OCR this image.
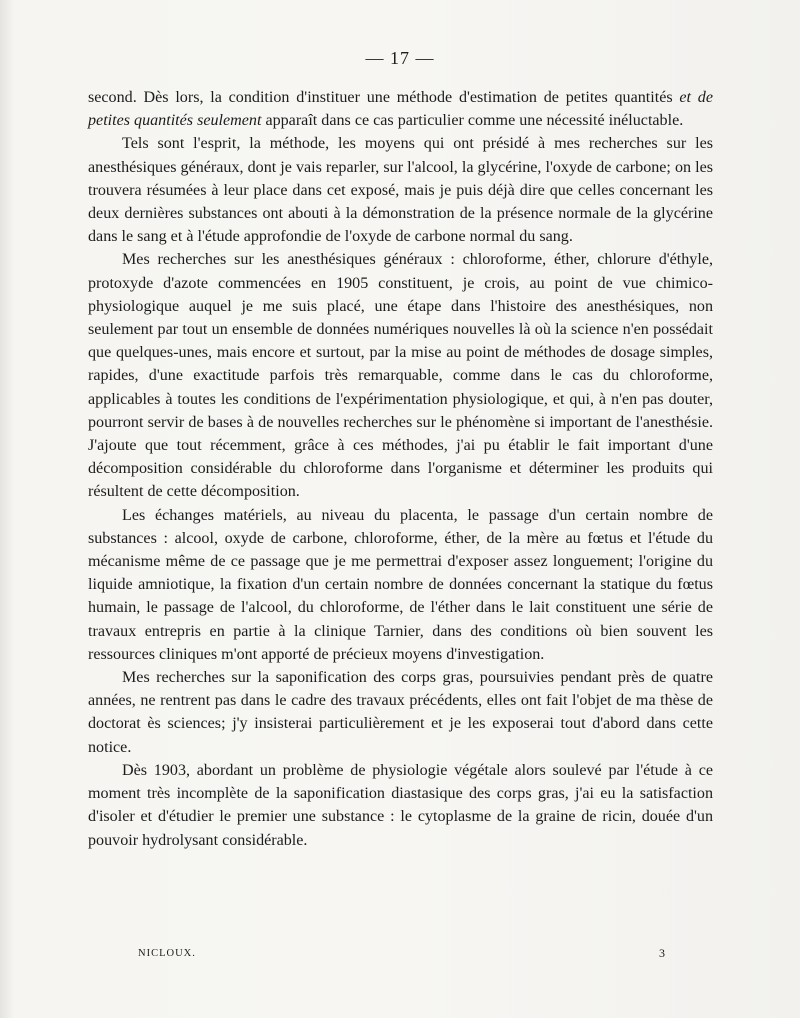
— 17 —

second. Dès lors, la condition d'instituer une méthode d'estimation de petites quantités et de petites quantités seulement apparaît dans ce cas particulier comme une nécessité inéluctable.

Tels sont l'esprit, la méthode, les moyens qui ont présidé à mes recherches sur les anesthésiques généraux, dont je vais reparler, sur l'alcool, la glycérine, l'oxyde de carbone; on les trouvera résumées à leur place dans cet exposé, mais je puis déjà dire que celles concernant les deux dernières substances ont abouti à la démonstration de la présence normale de la glycérine dans le sang et à l'étude approfondie de l'oxyde de carbone normal du sang.

Mes recherches sur les anesthésiques généraux : chloroforme, éther, chlorure d'éthyle, protoxyde d'azote commencées en 1905 constituent, je crois, au point de vue chimico-physiologique auquel je me suis placé, une étape dans l'histoire des anesthésiques, non seulement par tout un ensemble de données numériques nouvelles là où la science n'en possédait que quelques-unes, mais encore et surtout, par la mise au point de méthodes de dosage simples, rapides, d'une exactitude parfois très remarquable, comme dans le cas du chloroforme, applicables à toutes les conditions de l'expérimentation physiologique, et qui, à n'en pas douter, pourront servir de bases à de nouvelles recherches sur le phénomène si important de l'anesthésie. J'ajoute que tout récemment, grâce à ces méthodes, j'ai pu établir le fait important d'une décomposition considérable du chloroforme dans l'organisme et déterminer les produits qui résultent de cette décomposition.

Les échanges matériels, au niveau du placenta, le passage d'un certain nombre de substances : alcool, oxyde de carbone, chloroforme, éther, de la mère au fœtus et l'étude du mécanisme même de ce passage que je me permettrai d'exposer assez longuement; l'origine du liquide amniotique, la fixation d'un certain nombre de données concernant la statique du fœtus humain, le passage de l'alcool, du chloroforme, de l'éther dans le lait constituent une série de travaux entrepris en partie à la clinique Tarnier, dans des conditions où bien souvent les ressources cliniques m'ont apporté de précieux moyens d'investigation.

Mes recherches sur la saponification des corps gras, poursuivies pendant près de quatre années, ne rentrent pas dans le cadre des travaux précédents, elles ont fait l'objet de ma thèse de doctorat ès sciences; j'y insisterai particulièrement et je les exposerai tout d'abord dans cette notice.

Dès 1903, abordant un problème de physiologie végétale alors soulevé par l'étude à ce moment très incomplète de la saponification diastasique des corps gras, j'ai eu la satisfaction d'isoler et d'étudier le premier une substance : le cytoplasme de la graine de ricin, douée d'un pouvoir hydrolysant considérable.

NICLOUX.	3
